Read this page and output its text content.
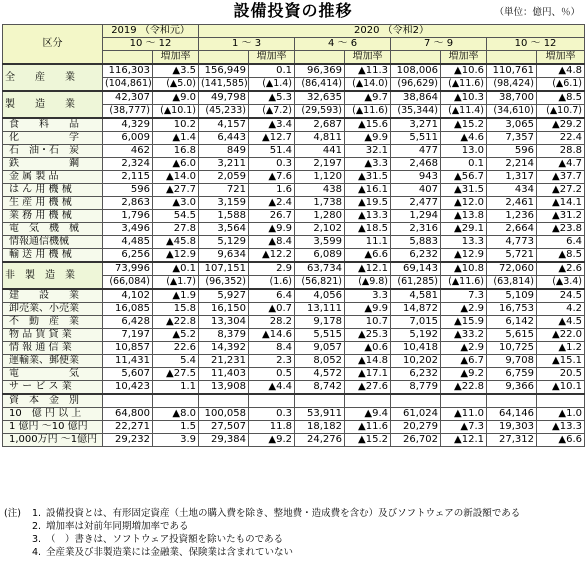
設備投資の推移	（単位：億円、％）
区分	2019 （令和元）		2020 （令和2）							
	10 ～ 12		1 ～ 3		4 ～ 6		7 ～ 9		10 ～ 12	
		増加率		増加率		増加率		増加率		増加率
全　　産　　業	116,303	▲3.5	156,949	0.1	96,369	▲11.3	108,006	▲10.6	110,761	▲4.8
	(104,861)	(▲5.0)	(141,585)	(▲1.4)	(86,414)	(▲14.0)	(96,629)	(▲11.6)	(98,424)	(▲6.1)
製　　造　　業	42,307	▲9.0	49,798	▲5.3	32,635	▲9.7	38,864	▲10.3	38,700	▲8.5
	(38,777)	(▲10.1)	(45,233)	(▲7.2)	(29,593)	(▲11.6)	(35,344)	(▲11.4)	(34,610)	(▲10.7)
食　　料　　品	4,329	10.2	4,157	▲3.4	2,687	▲15.6	3,271	▲15.2	3,065	▲29.2
化　　　　　学	6,009	▲1.4	6,443	▲12.7	4,811	▲9.9	5,511	▲4.6	7,357	22.4
石　油・石　炭	462	16.8	849	51.4	441	32.1	477	13.0	596	28.8
鉄　　　　　鋼	2,324	▲6.0	3,211	0.3	2,197	▲3.3	2,468	0.1	2,214	▲4.7
金 属 製 品	2,115	▲14.0	2,059	▲7.6	1,120	▲31.5	943	▲56.7	1,317	▲37.7
は ん 用 機 械	596	▲27.7	721	1.6	438	▲16.1	407	▲31.5	434	▲27.2
生 産 用 機 械	2,863	▲3.0	3,159	▲2.4	1,738	▲19.5	2,477	▲12.0	2,461	▲14.1
業 務 用 機 械	1,796	54.5	1,588	26.7	1,280	▲13.3	1,294	▲13.8	1,236	▲31.2
電　気　機　械	3,496	27.8	3,564	▲9.9	2,102	▲18.5	2,316	▲29.1	2,664	▲23.8
情報通信機械	4,485	▲45.8	5,129	▲8.4	3,599	11.1	5,883	13.3	4,773	6.4
輸 送 用 機 械	6,256	▲12.9	9,634	▲12.2	6,089	▲6.6	6,232	▲12.9	5,721	▲8.5
非　製　造　業	73,996	▲0.1	107,151	2.9	63,734	▲12.1	69,143	▲10.8	72,060	▲2.6
	(66,084)	(▲1.7)	(96,352)	(1.6)	(56,821)	(▲9.8)	(61,285)	(▲11.6)	(63,814)	(▲3.4)
建　　設　　業	4,102	▲1.9	5,927	6.4	4,056	3.3	4,581	7.3	5,109	24.5
卸売業、小売業	16,085	15.8	16,150	▲0.7	13,111	▲9.9	14,872	▲2.9	16,753	4.2
不　動　産　業	6,428	▲22.8	13,304	28.2	9,178	10.7	7,015	▲15.9	6,142	▲4.5
物 品 賃 貸 業	7,197	▲5.2	8,379	▲14.6	5,515	▲25.3	5,192	▲33.2	5,615	▲22.0
情 報 通 信 業	10,857	22.6	14,392	8.4	9,057	▲0.6	10,418	▲2.9	10,725	▲1.2
運輸業、郵便業	11,431	5.4	21,231	2.3	8,052	▲14.8	10,202	▲6.7	9,708	▲15.1
電　　　　　気	5,607	▲27.5	11,403	0.5	4,572	▲17.1	6,232	▲9.2	6,759	20.5
サ ー ビ ス 業	10,423	1.1	13,908	▲4.4	8,742	▲27.6	8,779	▲22.8	9,366	▲10.1
資　本　金　別										
10　億 円 以 上	64,800	▲8.0	100,058	0.3	53,911	▲9.4	61,024	▲11.0	64,146	▲1.0
1 億円 ～10 億円	22,271	1.5	27,507	11.8	18,182	▲11.6	20,279	▲7.3	19,303	▲13.3
1,000万円 ～1億円	29,232	3.9	29,384	▲9.2	24,276	▲15.2	26,702	▲12.1	27,312	▲6.6
(注) 1. 設備投資とは、有形固定資産（土地の購入費を除き、整地費・造成費を含む）及びソフトウェアの新設額である
2. 増加率は対前年同期増加率である
3. （　）書きは、ソフトウェア投資額を除いたものである
4. 全産業及び非製造業には金融業、保険業は含まれていない
